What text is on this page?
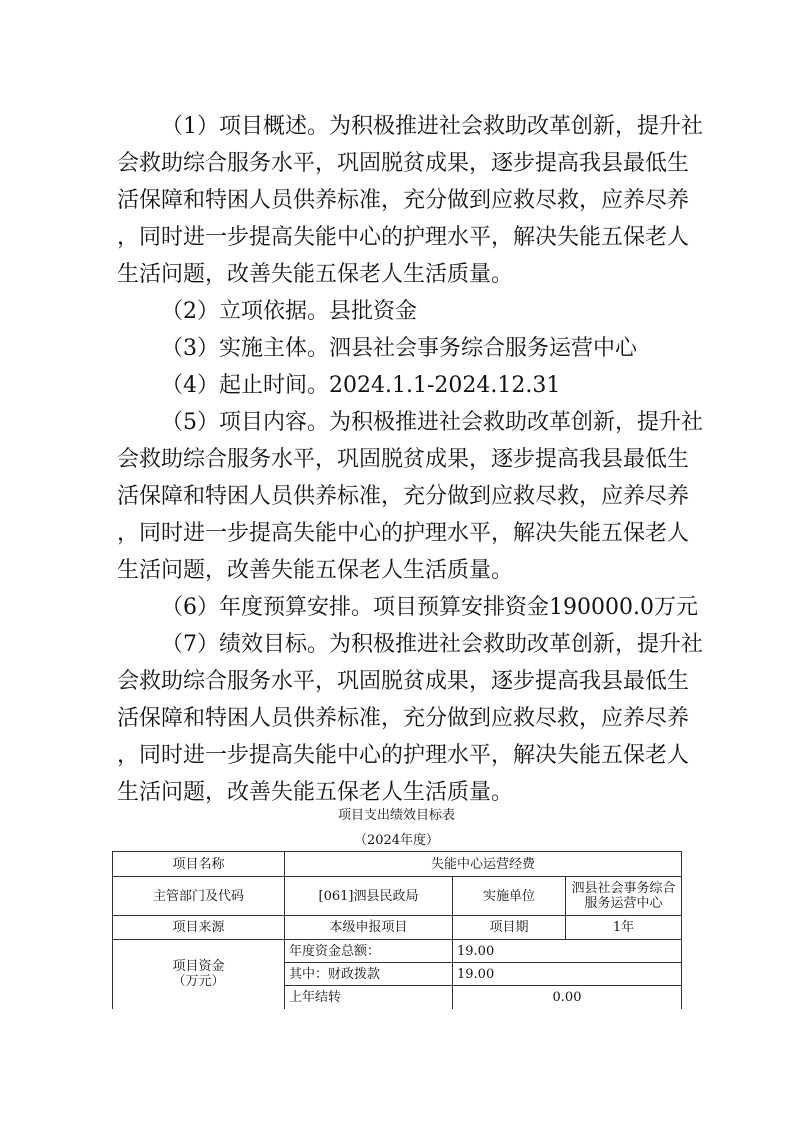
（1）项目概述。为积极推进社会救助改革创新，提升社
会救助综合服务水平，巩固脱贫成果，逐步提高我县最低生
活保障和特困人员供养标准，充分做到应救尽救，应养尽养
，同时进一步提高失能中心的护理水平，解决失能五保老人
生活问题，改善失能五保老人生活质量。
（2）立项依据。县批资金
（3）实施主体。泗县社会事务综合服务运营中心
（4）起止时间。2024.1.1-2024.12.31
（5）项目内容。为积极推进社会救助改革创新，提升社
会救助综合服务水平，巩固脱贫成果，逐步提高我县最低生
活保障和特困人员供养标准，充分做到应救尽救，应养尽养
，同时进一步提高失能中心的护理水平，解决失能五保老人
生活问题，改善失能五保老人生活质量。
（6）年度预算安排。项目预算安排资金190000.0万元
（7）绩效目标。为积极推进社会救助改革创新，提升社
会救助综合服务水平，巩固脱贫成果，逐步提高我县最低生
活保障和特困人员供养标准，充分做到应救尽救，应养尽养
，同时进一步提高失能中心的护理水平，解决失能五保老人
生活问题，改善失能五保老人生活质量。
项目支出绩效目标表
（2024年度）
项目名称	失能中心运营经费		
主管部门及代码	[061]泗县民政局	实施单位	泗县社会事务综合
服务运营中心
项目来源	本级申报项目	项目期	1年
项目资金
（万元）	年度资金总额：	19.00	
	其中：财政拨款	19.00	
	上年结转	0.00	
